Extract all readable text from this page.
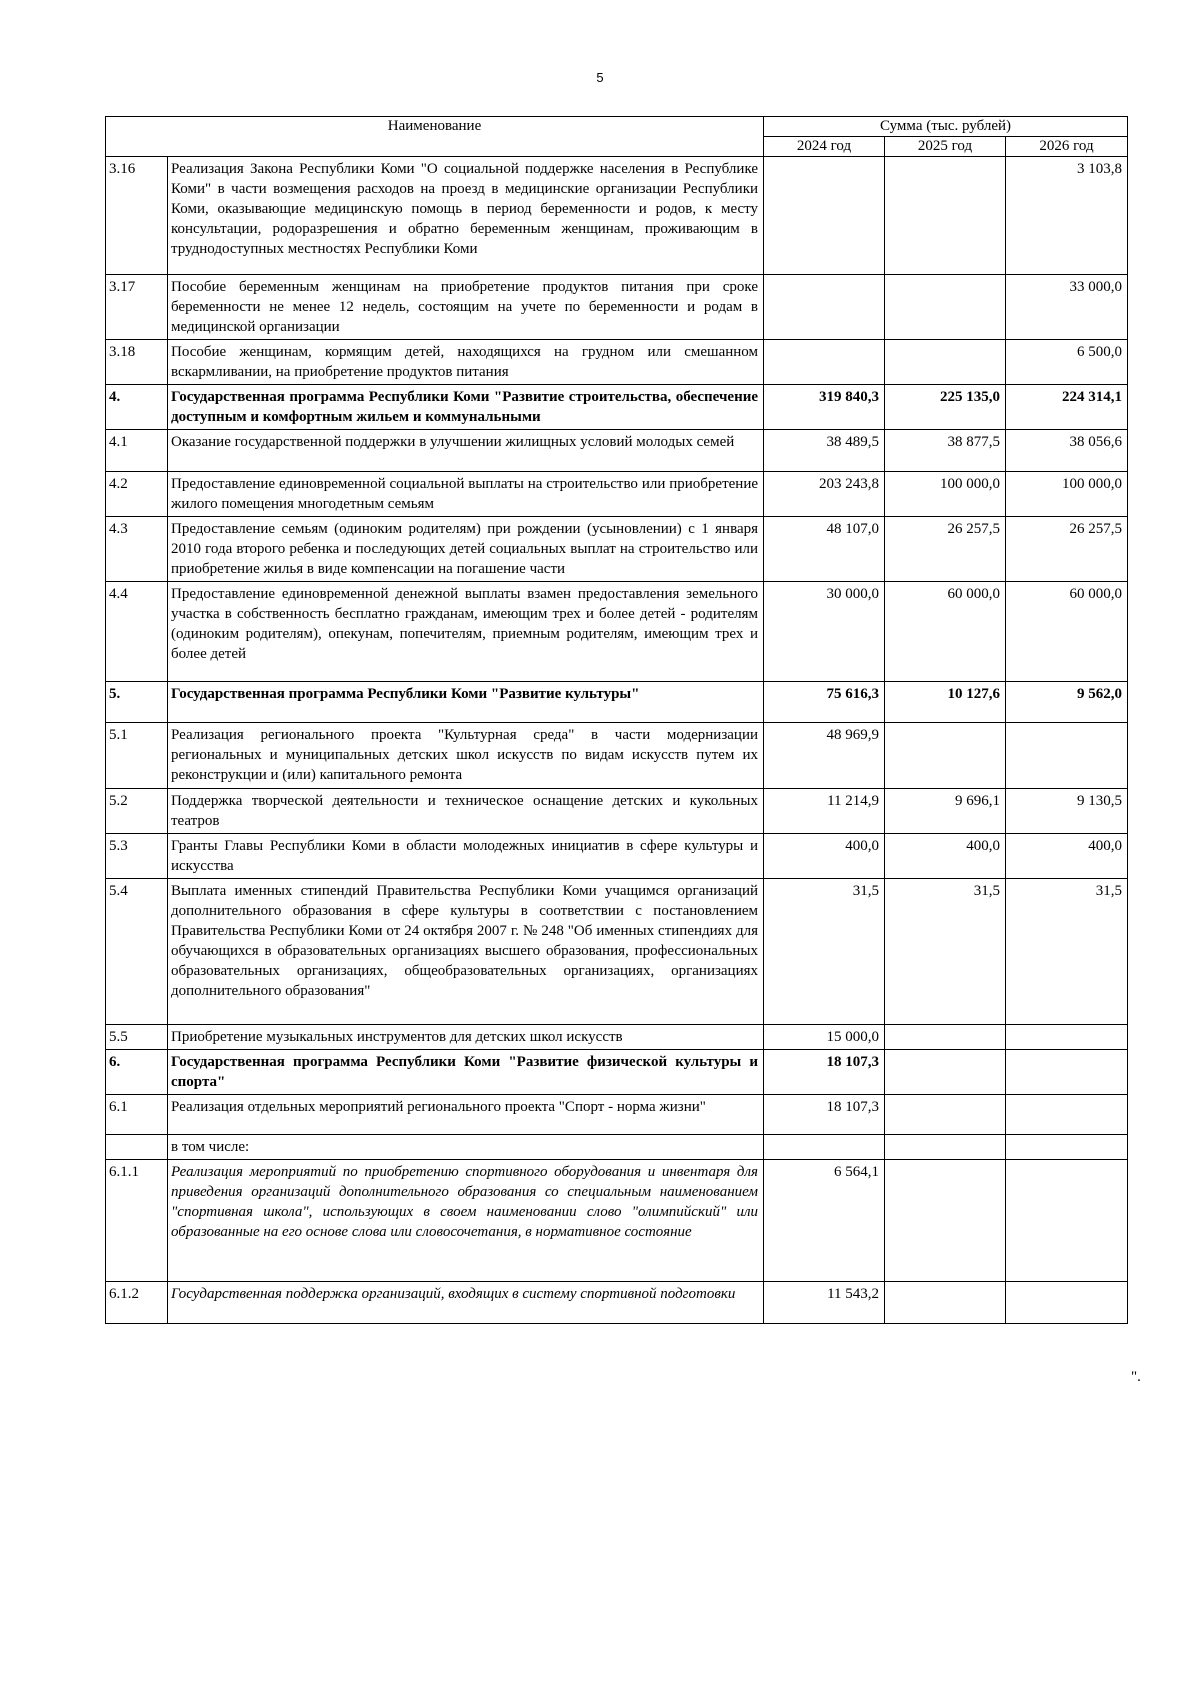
5
Наименование		Сумма (тыс. рублей)		
		2024 год	2025 год	2026 год
3.16	Реализация Закона Республики Коми "О социальной поддержке населения в Республике Коми" в части возмещения расходов на проезд в медицинские организации Республики Коми, оказывающие медицинскую помощь в период беременности и родов, к месту консультации, родоразрешения и обратно беременным женщинам, проживающим в труднодоступных местностях Республики Коми			3 103,8
3.17	Пособие беременным женщинам на приобретение продуктов питания при сроке беременности не менее 12 недель, состоящим на учете по беременности и родам в медицинской организации			33 000,0
3.18	Пособие женщинам, кормящим детей, находящихся на грудном или смешанном вскармливании, на приобретение продуктов питания			6 500,0
4.	Государственная программа Республики Коми "Развитие строительства, обеспечение доступным и комфортным жильем и коммунальными	319 840,3	225 135,0	224 314,1
4.1	Оказание государственной поддержки в улучшении жилищных условий молодых семей	38 489,5	38 877,5	38 056,6
4.2	Предоставление единовременной социальной выплаты на строительство или приобретение жилого помещения многодетным семьям	203 243,8	100 000,0	100 000,0
4.3	Предоставление семьям (одиноким родителям) при рождении (усыновлении) с 1 января 2010 года второго ребенка и последующих детей социальных выплат на строительство или приобретение жилья в виде компенсации на погашение части	48 107,0	26 257,5	26 257,5
4.4	Предоставление единовременной денежной выплаты взамен предоставления земельного участка в собственность бесплатно гражданам, имеющим трех и более детей - родителям (одиноким родителям), опекунам, попечителям, приемным родителям, имеющим трех и более детей	30 000,0	60 000,0	60 000,0
5.	Государственная программа Республики Коми "Развитие культуры"	75 616,3	10 127,6	9 562,0
5.1	Реализация регионального проекта "Культурная среда" в части модернизации региональных и муниципальных детских школ искусств по видам искусств путем их реконструкции и (или) капитального ремонта	48 969,9		
5.2	Поддержка творческой деятельности и техническое оснащение детских и кукольных театров	11 214,9	9 696,1	9 130,5
5.3	Гранты Главы Республики Коми в области молодежных инициатив в сфере культуры и искусства	400,0	400,0	400,0
5.4	Выплата именных стипендий Правительства Республики Коми учащимся организаций дополнительного образования в сфере культуры в соответствии с постановлением Правительства Республики Коми от 24 октября 2007 г. № 248 "Об именных стипендиях для обучающихся в образовательных организациях высшего образования, профессиональных образовательных организациях, общеобразовательных организациях, организациях дополнительного образования"	31,5	31,5	31,5
5.5	Приобретение музыкальных инструментов для детских школ искусств	15 000,0		
6.	Государственная программа Республики Коми "Развитие физической культуры и спорта"	18 107,3		
6.1	Реализация отдельных мероприятий регионального проекта "Спорт - норма жизни"	18 107,3		
	в том числе:			
6.1.1	Реализация мероприятий по приобретению спортивного оборудования и инвентаря для приведения организаций дополнительного образования со специальным наименованием "спортивная школа", использующих в своем наименовании слово "олимпийский" или образованные на его основе слова или словосочетания, в нормативное состояние	6 564,1		
6.1.2	Государственная поддержка организаций, входящих в систему спортивной подготовки	11 543,2		
".
